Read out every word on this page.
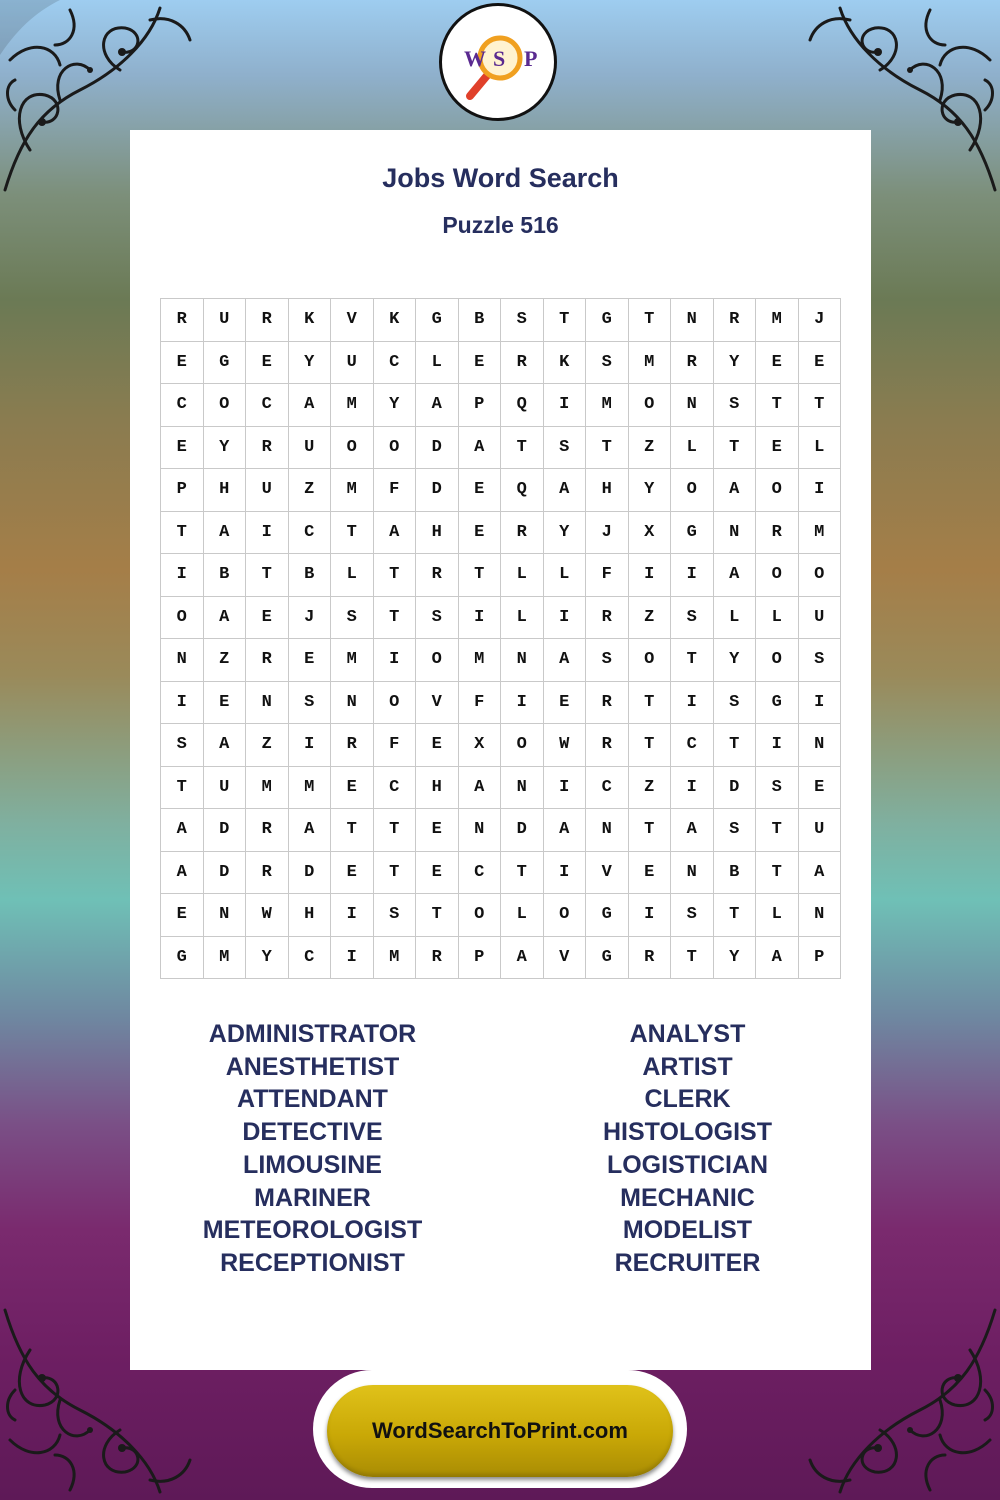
W S P
Jobs Word Search
Puzzle 516
R	U	R	K	V	K	G	B	S	T	G	T	N	R	M	J
E	G	E	Y	U	C	L	E	R	K	S	M	R	Y	E	E
C	O	C	A	M	Y	A	P	Q	I	M	O	N	S	T	T
E	Y	R	U	O	O	D	A	T	S	T	Z	L	T	E	L
P	H	U	Z	M	F	D	E	Q	A	H	Y	O	A	O	I
T	A	I	C	T	A	H	E	R	Y	J	X	G	N	R	M
I	B	T	B	L	T	R	T	L	L	F	I	I	A	O	O
O	A	E	J	S	T	S	I	L	I	R	Z	S	L	L	U
N	Z	R	E	M	I	O	M	N	A	S	O	T	Y	O	S
I	E	N	S	N	O	V	F	I	E	R	T	I	S	G	I
S	A	Z	I	R	F	E	X	O	W	R	T	C	T	I	N
T	U	M	M	E	C	H	A	N	I	C	Z	I	D	S	E
A	D	R	A	T	T	E	N	D	A	N	T	A	S	T	U
A	D	R	D	E	T	E	C	T	I	V	E	N	B	T	A
E	N	W	H	I	S	T	O	L	O	G	I	S	T	L	N
G	M	Y	C	I	M	R	P	A	V	G	R	T	Y	A	P
ADMINISTRATOR
ANESTHETIST
ATTENDANT
DETECTIVE
LIMOUSINE
MARINER
METEOROLOGIST
RECEPTIONIST
ANALYST
ARTIST
CLERK
HISTOLOGIST
LOGISTICIAN
MECHANIC
MODELIST
RECRUITER
WordSearchToPrint.com
